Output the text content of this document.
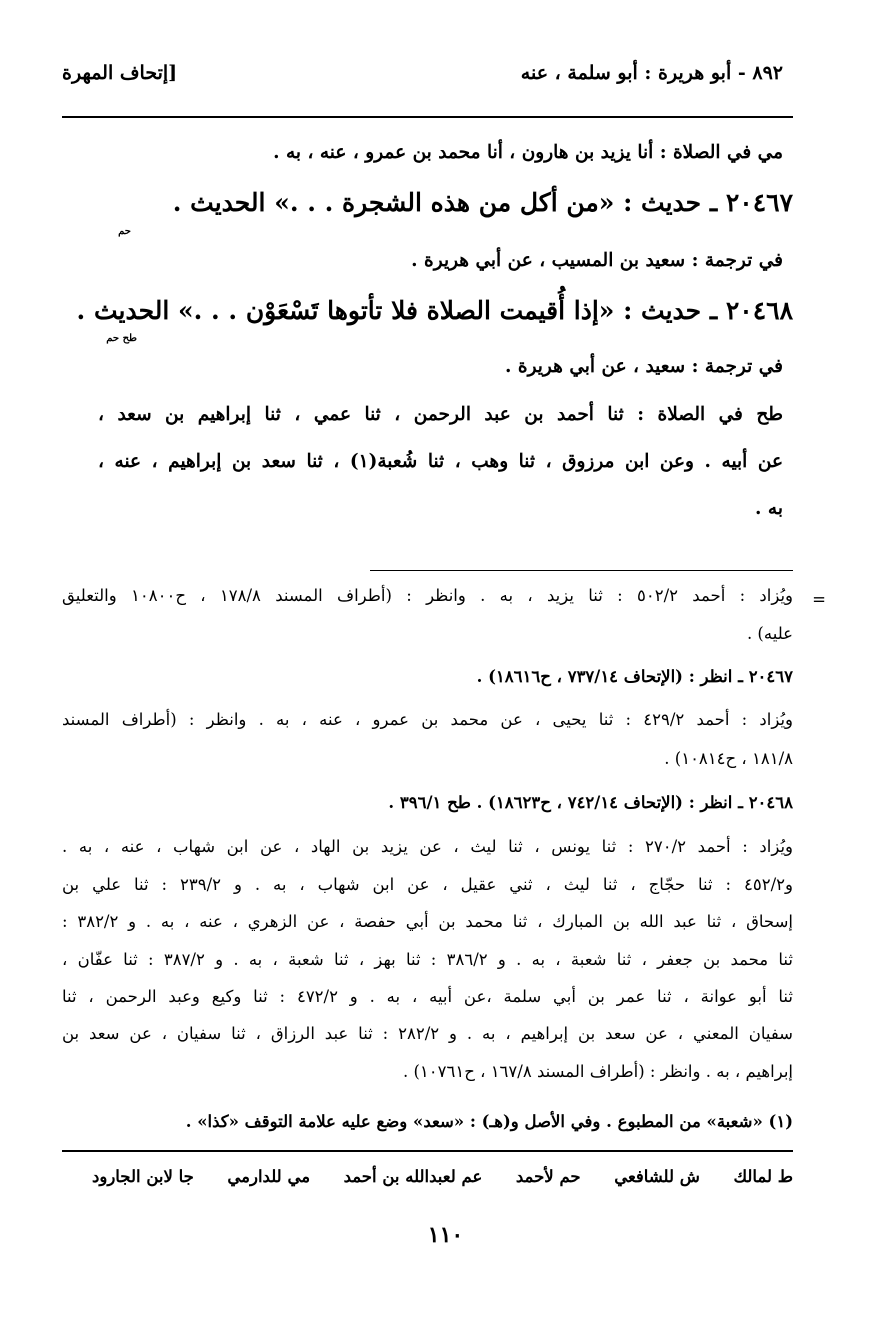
٨٩٢ - أبو هريرة : أبو سلمة ، عنه
[إتحاف المهرة
مي في الصلاة : أنا يزيد بن هارون ، أنا محمد بن عمرو ، عنه ، به .
٢٠٤٦٧ ـ حديث : «من أكل من هذه الشجرة . . .» الحديث .
حم
في ترجمة : سعيد بن المسيب ، عن أبي هريرة .
٢٠٤٦٨ ـ حديث : «إذا أُقيمت الصلاة فلا تأتوها تَسْعَوْن . . .» الحديث .
طح حم
في ترجمة : سعيد ، عن أبي هريرة .
طح في الصلاة : ثنا أحمد بن عبد الرحمن ، ثنا عمي ، ثنا إبراهيم بن سعد ،
عن أبيه . وعن ابن مرزوق ، ثنا وهب ، ثنا شُعبة(١) ، ثنا سعد بن إبراهيم ، عنه ،
به .
=
ويُزاد : أحمد ٥٠٢/٢ : ثنا يزيد ، به . وانظر : (أطراف المسند ١٧٨/٨ ، ح١٠٨٠٠ والتعليق
عليه) .
٢٠٤٦٧ ـ انظر : (الإتحاف ٧٣٧/١٤ ، ح١٨٦١٦) .
ويُزاد : أحمد ٤٢٩/٢ : ثنا يحيى ، عن محمد بن عمرو ، عنه ، به . وانظر : (أطراف المسند
١٨١/٨ ، ح١٠٨١٤) .
٢٠٤٦٨ ـ انظر : (الإتحاف ٧٤٢/١٤ ، ح١٨٦٢٣) . طح ٣٩٦/١ .
ويُزاد : أحمد ٢٧٠/٢ : ثنا يونس ، ثنا ليث ، عن يزيد بن الهاد ، عن ابن شهاب ، عنه ، به .
و٤٥٢/٢ : ثنا حجّاج ، ثنا ليث ، ثني عقيل ، عن ابن شهاب ، به . و ٢٣٩/٢ : ثنا علي بن
إسحاق ، ثنا عبد الله بن المبارك ، ثنا محمد بن أبي حفصة ، عن الزهري ، عنه ، به . و ٣٨٢/٢ :
ثنا محمد بن جعفر ، ثنا شعبة ، به . و ٣٨٦/٢ : ثنا بهز ، ثنا شعبة ، به . و ٣٨٧/٢ : ثنا عفّان ،
ثنا أبو عوانة ، ثنا عمر بن أبي سلمة ،عن أبيه ، به . و ٤٧٢/٢ : ثنا وكيع وعبد الرحمن ، ثنا
سفيان المعني ، عن سعد بن إبراهيم ، به . و ٢٨٢/٢ : ثنا عبد الرزاق ، ثنا سفيان ، عن سعد بن
إبراهيم ، به . وانظر : (أطراف المسند ١٦٧/٨ ، ح١٠٧٦١) .
(١) «شعبة» من المطبوع . وفي الأصل و(هـ) : «سعد» وضع عليه علامة التوقف «كذا» .
ط لمالك
ش للشافعي
حم لأحمد
عم لعبدالله بن أحمد
مي للدارمي
جا لابن الجارود
١١٠
